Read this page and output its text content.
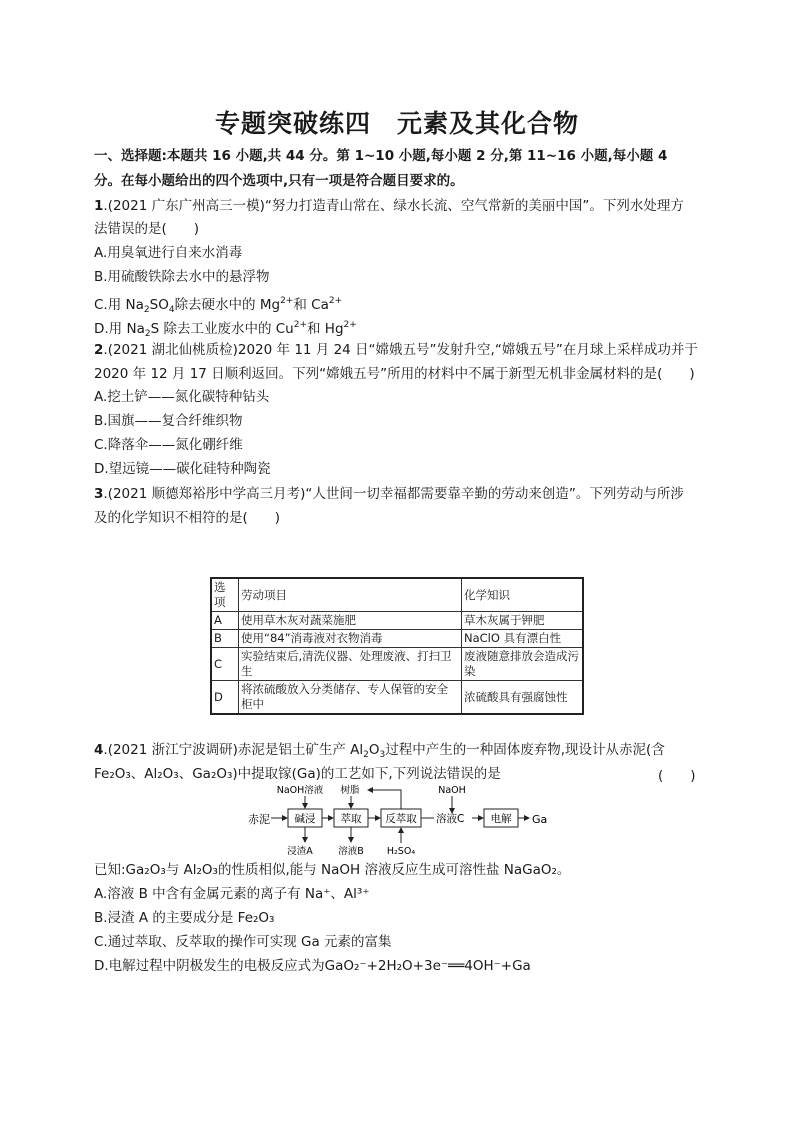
专题突破练四　元素及其化合物
一、选择题:本题共 16 小题,共 44 分。第 1~10 小题,每小题 2 分,第 11~16 小题,每小题 4
分。在每小题给出的四个选项中,只有一项是符合题目要求的。
1.(2021 广东广州高三一模)“努力打造青山常在、绿水长流、空气常新的美丽中国”。下列水处理方
法错误的是(　　)
A.用臭氧进行自来水消毒
B.用硫酸铁除去水中的悬浮物
C.用 $Na_2SO_4$除去硬水中的 $Mg^{2+}$和 $Ca^{2+}$
D.用 $Na_2S$ 除去工业废水中的 $Cu^{2+}$和 $Hg^{2+}$
2.(2021 湖北仙桃质检)2020 年 11 月 24 日“嫦娥五号”发射升空,“嫦娥五号”在月球上采样成功并于
2020 年 12 月 17 日顺利返回。下列“嫦娥五号”所用的材料中不属于新型无机非金属材料的是(　　)
A.挖土铲——氮化碳特种钻头
B.国旗——复合纤维织物
C.降落伞——氮化硼纤维
D.望远镜——碳化硅特种陶瓷
3.(2021 顺德郑裕彤中学高三月考)“人世间一切幸福都需要靠辛勤的劳动来创造”。下列劳动与所涉
及的化学知识不相符的是(　　)
选项	劳动项目	化学知识
A	使用草木灰对蔬菜施肥	草木灰属于钾肥
B	使用“84”消毒液对衣物消毒	NaClO 具有漂白性
C	实验结束后,清洗仪器、处理废液、打扫卫生	废液随意排放会造成污染
D	将浓硫酸放入分类储存、专人保管的安全柜中	浓硫酸具有强腐蚀性
4.(2021 浙江宁波调研)赤泥是铝土矿生产 $Al_2O_3$过程中产生的一种固体废弃物,现设计从赤泥(含
Fe₂O₃、Al₂O₃、Ga₂O₃)中提取镓(Ga)的工艺如下,下列说法错误的是	(　　)
赤泥 碱浸 萃取 反萃取 溶液C 电解 Ga
NaOH溶液 树脂	NaOH
浸渣A	溶液B H₂SO₄
已知:Ga₂O₃与 Al₂O₃的性质相似,能与 NaOH 溶液反应生成可溶性盐 NaGaO₂。
A.溶液 B 中含有金属元素的离子有 Na⁺、Al³⁺
B.浸渣 A 的主要成分是 Fe₂O₃
C.通过萃取、反萃取的操作可实现 Ga 元素的富集
D.电解过程中阴极发生的电极反应式为GaO₂⁻+2H₂O+3e⁻══4OH⁻+Ga
